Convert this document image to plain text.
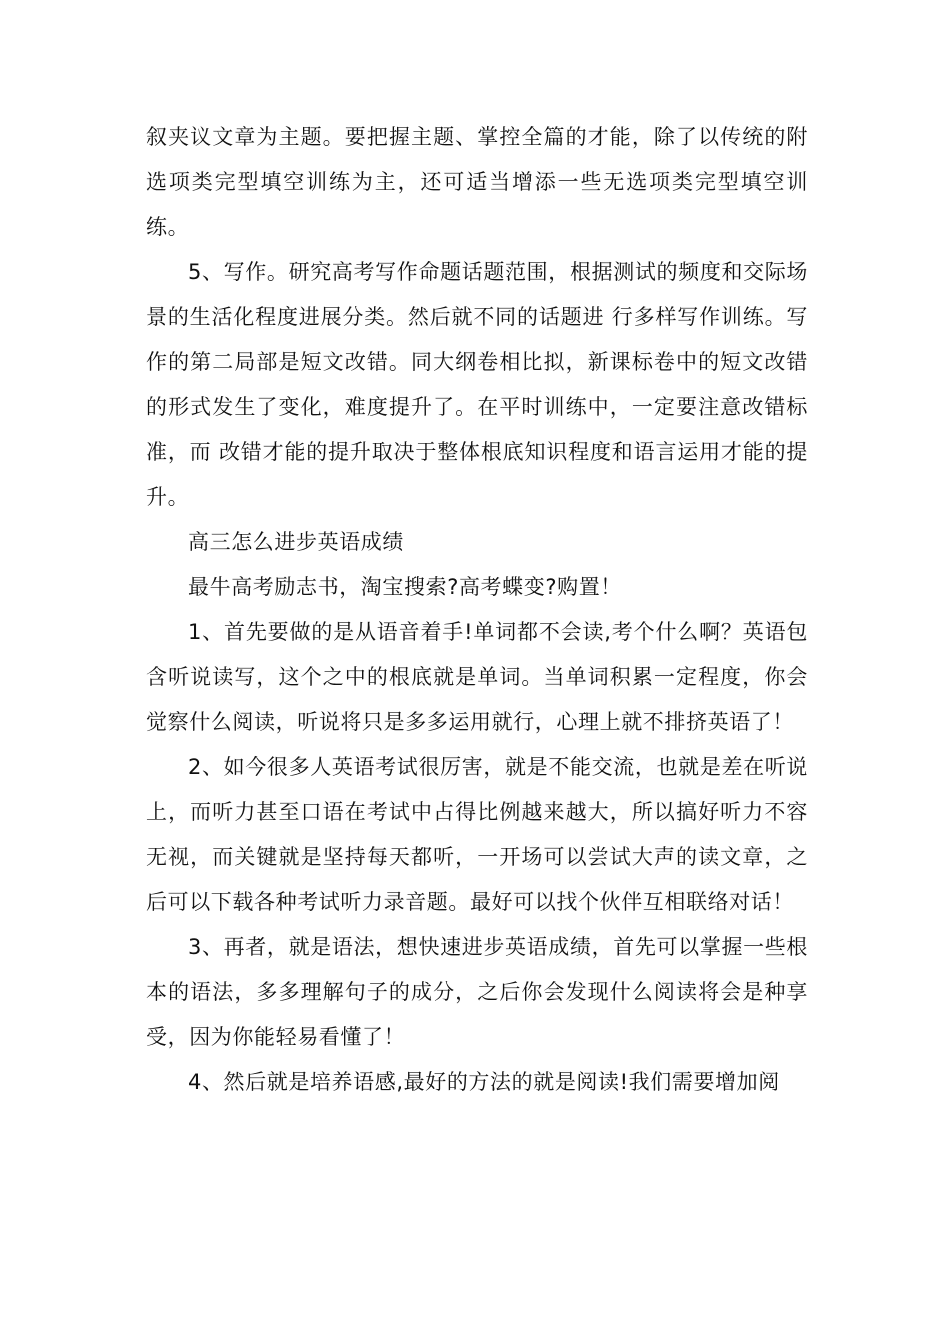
叙夹议文章为主题。要把握主题、掌控全篇的才能，除了以传统的附选项类完型填空训练为主，还可适当增添一些无选项类完型填空训练。

5、写作。研究高考写作命题话题范围，根据测试的频度和交际场景的生活化程度进展分类。然后就不同的话题进 行多样写作训练。写作的第二局部是短文改错。同大纲卷相比拟，新课标卷中的短文改错的形式发生了变化，难度提升了。在平时训练中，一定要注意改错标准，而 改错才能的提升取决于整体根底知识程度和语言运用才能的提升。

高三怎么进步英语成绩

最牛高考励志书，淘宝搜索?高考蝶变?购置！

1、首先要做的是从语音着手!单词都不会读,考个什么啊？英语包含听说读写，这个之中的根底就是单词。当单词积累一定程度，你会觉察什么阅读，听说将只是多多运用就行，心理上就不排挤英语了！

2、如今很多人英语考试很厉害，就是不能交流，也就是差在听说上，而听力甚至口语在考试中占得比例越来越大，所以搞好听力不容无视，而关键就是坚持每天都听，一开场可以尝试大声的读文章，之后可以下载各种考试听力录音题。最好可以找个伙伴互相联络对话！

3、再者，就是语法，想快速进步英语成绩，首先可以掌握一些根本的语法，多多理解句子的成分，之后你会发现什么阅读将会是种享受，因为你能轻易看懂了！

4、然后就是培养语感,最好的方法的就是阅读!我们需要增加阅
